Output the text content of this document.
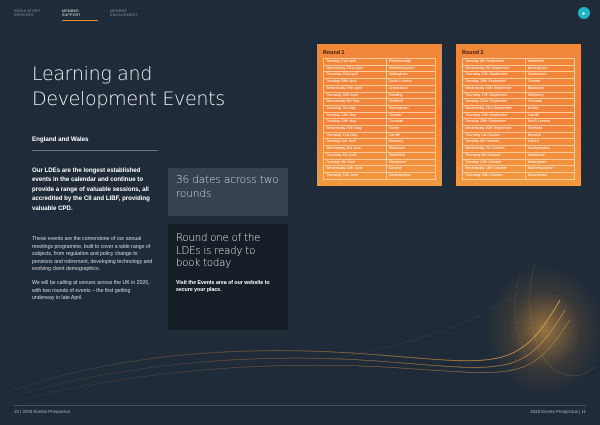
REGULATORY SERVICES
MEMBER SUPPORT
MEMBER ENGAGEMENT	▸
Learning and Development Events
England and Wales
Our LDEs are the longest established events in the calendar and continue to provide a range of valuable sessions, all accredited by the CII and LIBF, providing valuable CPD.

These events are the cornerstone of our annual meetings programme, built to cover a wide range of subjects, from regulation and policy change to pensions and retirement, developing technology and evolving client demographics.

We will be calling at venues across the UK in 2026, with two rounds of events – the first getting underway in late April.

36 dates across two rounds
Round one of the LDEs is ready to book today
Visit the Events area of our website to secure your place.
Round 1
Tuesday 21st April	Peterborough
Wednesday 22nd April	Wolverhampton
Thursday 23rd April	Nottingham
Tuesday 28th April	South London
Wednesday 29th April	Chelmsford
Thursday 30th April	Reading
Wednesday 6th May	Sheffield
Thursday 7th May	Birmingham
Tuesday 12th May	Chester
Tuesday 19th May	Cornwall
Wednesday 20th May	Exeter
Thursday 21st May	Cardiff
Tuesday 2nd June	Newbury
Wednesday 3rd June	Blackburn
Thursday 4th June	Wakefield
Tuesday 9th June	Maidstone
Wednesday 10th June	Norwich
Thursday 11th June	Southampton
Round 2
Tuesday 8th September	Wakefield
Wednesday 9th September	Birmingham
Thursday 10th September	Chelmsford
Tuesday 15th September	Chester
Wednesday 16th September	Blackburn
Thursday 17th September	Wetherby
Tuesday 22nd September	Cornwall
Wednesday 23rd September	Exeter
Thursday 24th September	Cardiff
Tuesday 29th September	North London
Wednesday 30th September	Sheffield
Thursday 1st October	Norwich
Tuesday 6th October	Oxford
Wednesday 7th October	Southampton
Thursday 8th October	Maidstone
Tuesday 13th October	Nottingham
Wednesday 14th October	Wolverhampton
Thursday 15th October	Manchester
10 | 2026 Events Prospectus	2026 Events Prospectus | 11
